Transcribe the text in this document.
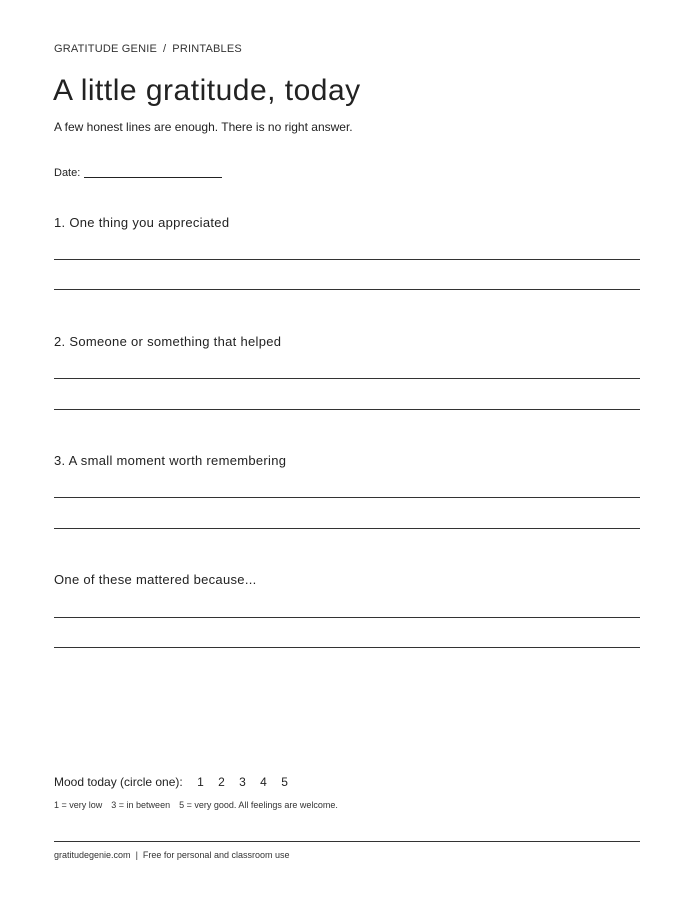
GRATITUDE GENIE / PRINTABLES
A little gratitude, today
A few honest lines are enough. There is no right answer.
Date:
1. One thing you appreciated
2. Someone or something that helped
3. A small moment worth remembering
One of these mattered because...
Mood today (circle one): 1 2 3 4 5
1 = very low 3 = in between 5 = very good. All feelings are welcome.
gratitudegenie.com | Free for personal and classroom use
